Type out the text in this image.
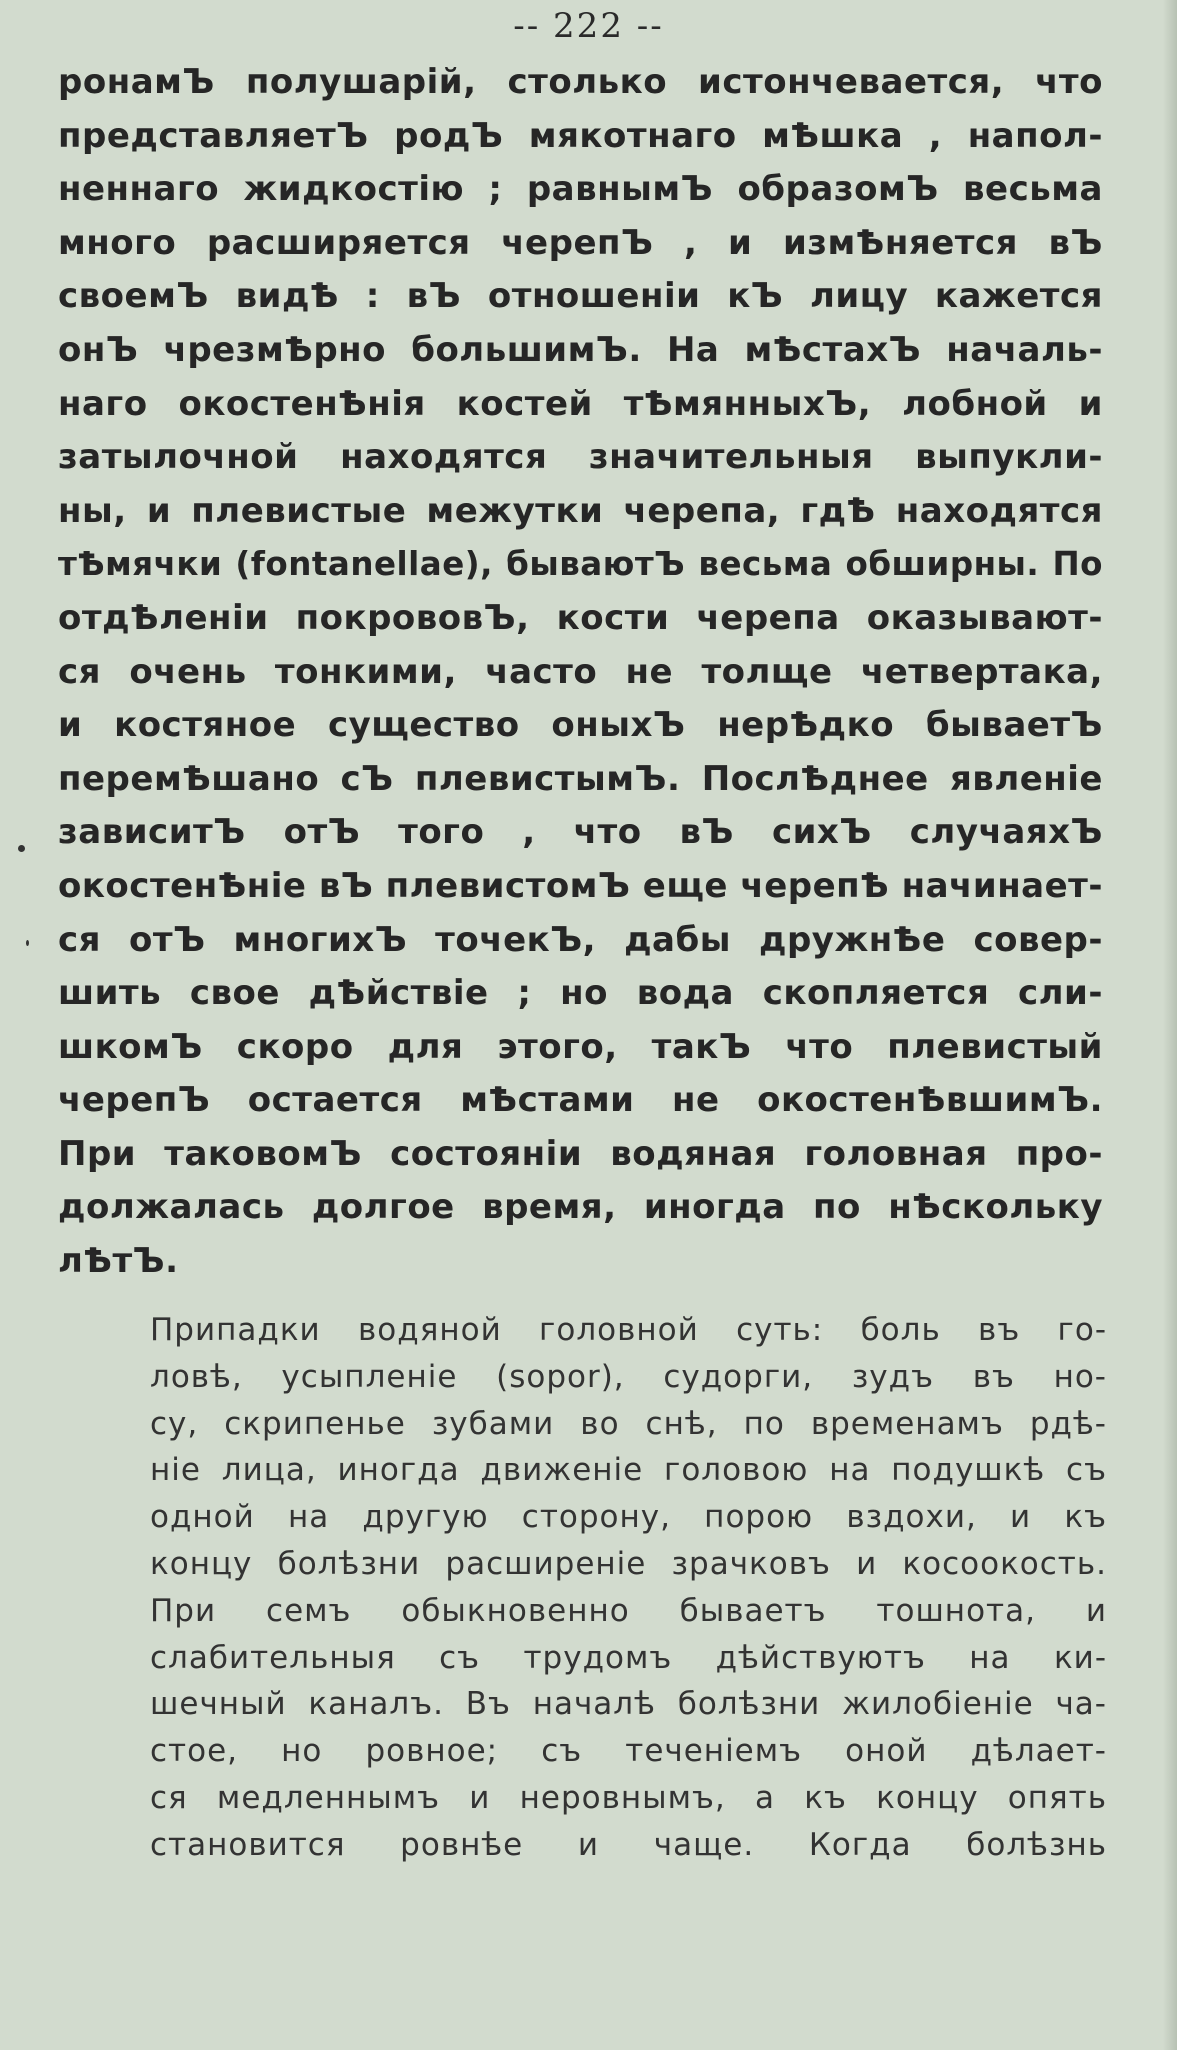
-- 222 --
ронамЪ полушарій, столько истончевается, что
представляетЪ родЪ мякотнаго мѢшка , напол-
неннаго жидкостію ; равнымЪ образомЪ весьма
много расширяется черепЪ , и измѢняется вЪ
своемЪ видѢ : вЪ отношеніи кЪ лицу кажется
онЪ чрезмѢрно большимЪ. На мѢстахЪ началь-
наго окостенѢнія костей тѢмянныхЪ, лобной и
затылочной находятся значительныя выпукли-
ны, и плевистые межутки черепа, гдѢ находятся
тѢмячки (fontanellae), бываютЪ весьма обширны. По
отдѢленіи покрововЪ, кости черепа оказывают-
ся очень тонкими, часто не толще четвертака,
и костяное существо оныхЪ нерѢдко бываетЪ
перемѢшано сЪ плевистымЪ. ПослѢднее явленіе
зависитЪ отЪ того , что вЪ сихЪ случаяхЪ
окостенѢніе вЪ плевистомЪ еще черепѢ начинает-
ся отЪ многихЪ точекЪ, дабы дружнѢе совер-
шить свое дѢйствіе ; но вода скопляется сли-
шкомЪ скоро для этого, такЪ что плевистый
черепЪ остается мѢстами не окостенѢвшимЪ.
При таковомЪ состояніи водяная головная про-
должалась долгое время, иногда по нѢскольку
лѢтЪ.
Припадки водяной головной суть: боль въ го-
ловѣ, усыпленіе (sopor), судорги, зудъ въ но-
су, скрипенье зубами во снѣ, по временамъ рдѣ-
ніе лица, иногда движеніе головою на подушкѣ съ
одной на другую сторону, порою вздохи, и къ
концу болѣзни расширеніе зрачковъ и косоокость.
При семъ обыкновенно бываетъ тошнота, и
слабительныя съ трудомъ дѣйствуютъ на ки-
шечный каналъ. Въ началѣ болѣзни жилобіеніе ча-
стое, но ровное; съ теченіемъ оной дѣлает-
ся медленнымъ и неровнымъ, а къ концу опять
становится ровнѣе и чаще. Когда болѣзнь
